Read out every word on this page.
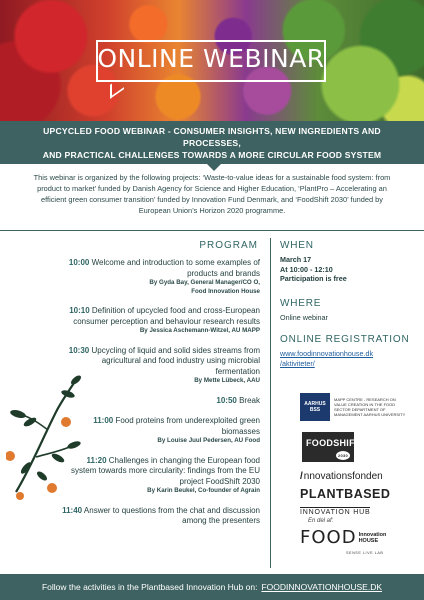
ONLINE WEBINAR
UPCYCLED FOOD WEBINAR - CONSUMER INSIGHTS, NEW INGREDIENTS AND PROCESSES,
AND PRACTICAL CHALLENGES TOWARDS A MORE CIRCULAR FOOD SYSTEM
This webinar is organized by the following projects: ‘Waste-to-value ideas for a sustainable food system: from product to market’ funded by Danish Agency for Science and Higher Education, ‘PlantPro – Accelerating an efficient green consumer transition’ funded by Innovation Fund Denmark, and ‘FoodShift 2030’ funded by European Union’s Horizon 2020 programme.
PROGRAM
10:00 Welcome and introduction to some examples of products and brands
By Gyda Bay, General Manager/CO O,
Food Innovation House
10:10 Definition of upcycled food and cross-European consumer perception and behaviour research results
By Jessica Aschemann-Witzel, AU MAPP
10:30 Upcycling of liquid and solid sides streams from agricultural and food industry using microbial fermentation
By Mette Lübeck, AAU
10:50 Break
11:00 Food proteins from underexploited green biomasses
By Louise Juul Pedersen, AU Food
11:20 Challenges in changing the European food system towards more circularity: findings from the EU project FoodShift 2030
By Karin Beukel, Co-founder of Agrain
11:40 Answer to questions from the chat and discussion among the presenters
WHEN
March 17
At 10:00 - 12:10
Participation is free
WHERE
Online webinar
ONLINE REGISTRATION
www.foodinnovationhouse.dk
/aktiviteter/
AARHUS
BSS
MAPP CENTRE - RESEARCH ON VALUE CREATION IN THE FOOD SECTOR DEPARTMENT OF MANAGEMENT AARHUS UNIVERSITY
FOODSHIFT
2030
/nnovationsfonden
PLANTBASED
INNOVATION HUB
En del af:
FOOD Innovation
HOUSE
SENSE LIVE LAB
Follow the activities in the Plantbased Innovation Hub on: FOODINNOVATIONHOUSE.DK
